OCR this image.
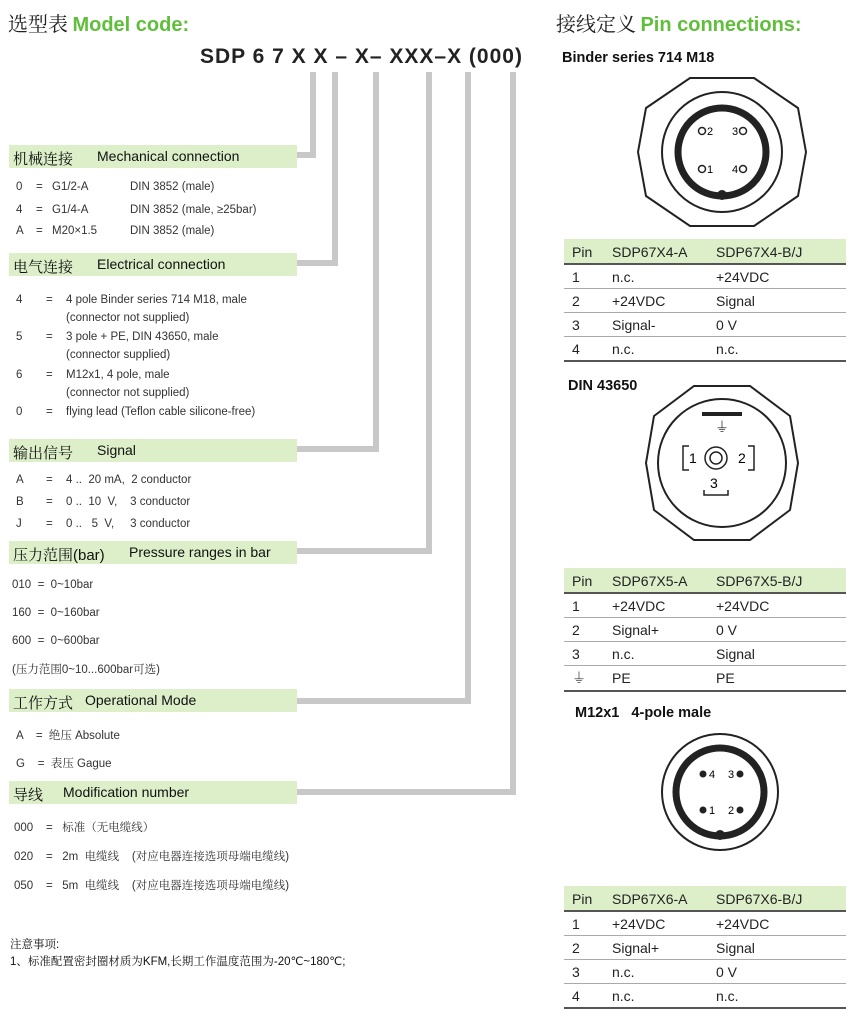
选型表 Model code:	接线定义 Pin connections:
SDP 6 7 X X – X– XXX–X (000)
机械连接 Mechanical connection
0 = G1/2-A	DIN 3852 (male)
4 = G1/4-A	DIN 3852 (male, ≥25bar)
A = M20×1.5	DIN 3852 (male)
电气连接 Electrical connection
4 = 4 pole Binder series 714 M18, male
(connector not supplied)
5 = 3 pole + PE, DIN 43650, male
(connector supplied)
6 = M12x1, 4 pole, male
(connector not supplied)
0 = flying lead (Teflon cable silicone-free)
输出信号 Signal
A = 4 ..  20 mA,  2 conductor
B = 0 ..  10  V,    3 conductor
J = 0 ..   5  V,     3 conductor
压力范围(bar) Pressure ranges in bar
010  =  0~10bar
160  =  0~160bar
600  =  0~600bar
(压力范围0~10...600bar可选)
工作方式 Operational Mode
A    =  绝压 Absolute
G    =  表压 Gague
导线 Modification number
000    =   标准（无电缆线）
020    =   2m  电缆线    (对应电器连接选项母端电缆线)
050    =   5m  电缆线    (对应电器连接选项母端电缆线)
注意事项:
1、标准配置密封圈材质为KFM,长期工作温度范围为-20℃~180℃;
Binder series 714 M18
2 3
1 4
Pin	SDP67X4-A	SDP67X4-B/J
1	n.c.	+24VDC
2	+24VDC	Signal
3	Signal-	0 V
4	n.c.	n.c.
DIN 43650
⏚
1	2
3
Pin	SDP67X5-A	SDP67X5-B/J
1	+24VDC	+24VDC
2	Signal+	0 V
3	n.c.	Signal
⏚	PE	PE
M12x1   4-pole male
4 3
1 2
Pin	SDP67X6-A	SDP67X6-B/J
1	+24VDC	+24VDC
2	Signal+	Signal
3	n.c.	0 V
4	n.c.	n.c.
